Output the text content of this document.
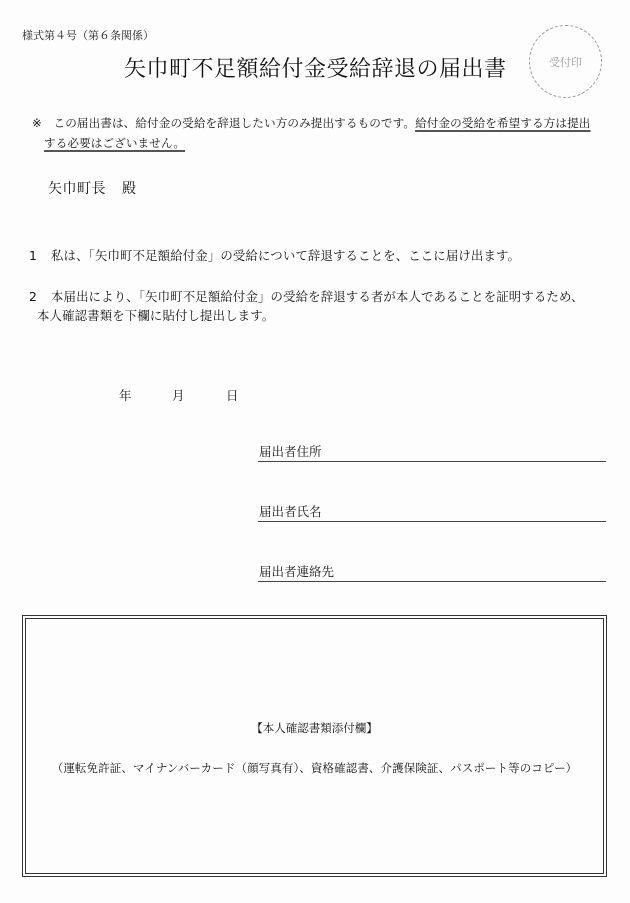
様式第４号（第６条関係）
矢巾町不足額給付金受給辞退の届出書	受付印
※　この届出書は、給付金の受給を辞退したい方のみ提出するものです。給付金の受給を希望する方は提出
する必要はございません。
矢巾町長 殿
1 私は、「矢巾町不足額給付金」の受給について辞退することを、ここに届け出ます。
2 本届出により、「矢巾町不足額給付金」の受給を辞退する者が本人であることを証明するため、
本人確認書類を下欄に貼付し提出します。
年	月	日
届出者住所
届出者氏名
届出者連絡先
【本人確認書類添付欄】
（運転免許証、マイナンバーカード（顔写真有）、資格確認書、介護保険証、パスポート等のコピー）
